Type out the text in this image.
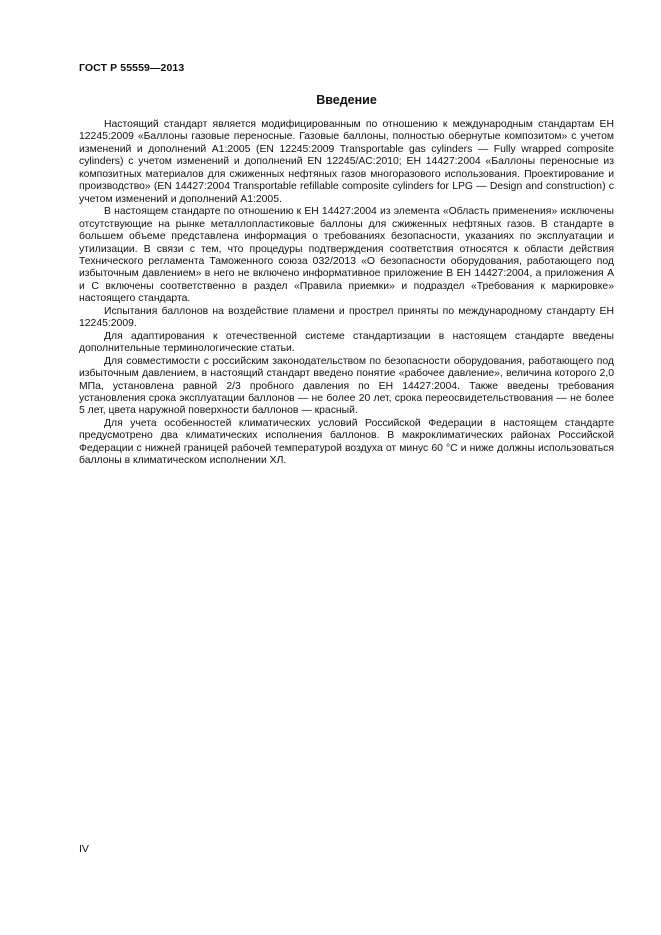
ГОСТ Р 55559—2013
Введение

Настоящий стандарт является модифицированным по отношению к международным стандартам ЕН 12245:2009 «Баллоны газовые переносные. Газовые баллоны, полностью обернутые композитом» с учетом изменений и дополнений А1:2005 (EN 12245:2009 Transportable gas cylinders — Fully wrapped composite cylinders) с учетом изменений и дополнений EN 12245/AC:2010; ЕН 14427:2004 «Баллоны переносные из композитных материалов для сжиженных нефтяных газов многоразового использования. Проектирование и производство» (EN 14427:2004 Transportable refillable composite cylinders for LPG — Design and construction) с учетом изменений и дополнений А1:2005.

В настоящем стандарте по отношению к ЕН 14427:2004 из элемента «Область применения» исключены отсутствующие на рынке металлопластиковые баллоны для сжиженных нефтяных газов. В стандарте в большем объеме представлена информация о требованиях безопасности, указаниях по эксплуатации и утилизации. В связи с тем, что процедуры подтверждения соответствия относятся к области действия Технического регламента Таможенного союза 032/2013 «О безопасности оборудования, работающего под избыточным давлением» в него не включено информативное приложение В ЕН 14427:2004, а приложения А и С включены соответственно в раздел «Правила приемки» и подраздел «Требования к маркировке» настоящего стандарта.

Испытания баллонов на воздействие пламени и прострел приняты по международному стандарту ЕН 12245:2009.

Для адаптирования к отечественной системе стандартизации в настоящем стандарте введены дополнительные терминологические статьи.

Для совместимости с российским законодательством по безопасности оборудования, работающего под избыточным давлением, в настоящий стандарт введено понятие «рабочее давление», величина которого 2,0 МПа, установлена равной 2/3 пробного давления по ЕН 14427:2004. Также введены требования установления срока эксплуатации баллонов — не более 20 лет, срока переосвидетельствования — не более 5 лет, цвета наружной поверхности баллонов — красный.

Для учета особенностей климатических условий Российской Федерации в настоящем стандарте предусмотрено два климатических исполнения баллонов. В макроклиматических районах Российской Федерации с нижней границей рабочей температурой воздуха от минус 60 °С и ниже должны использоваться баллоны в климатическом исполнении ХЛ.

IV
